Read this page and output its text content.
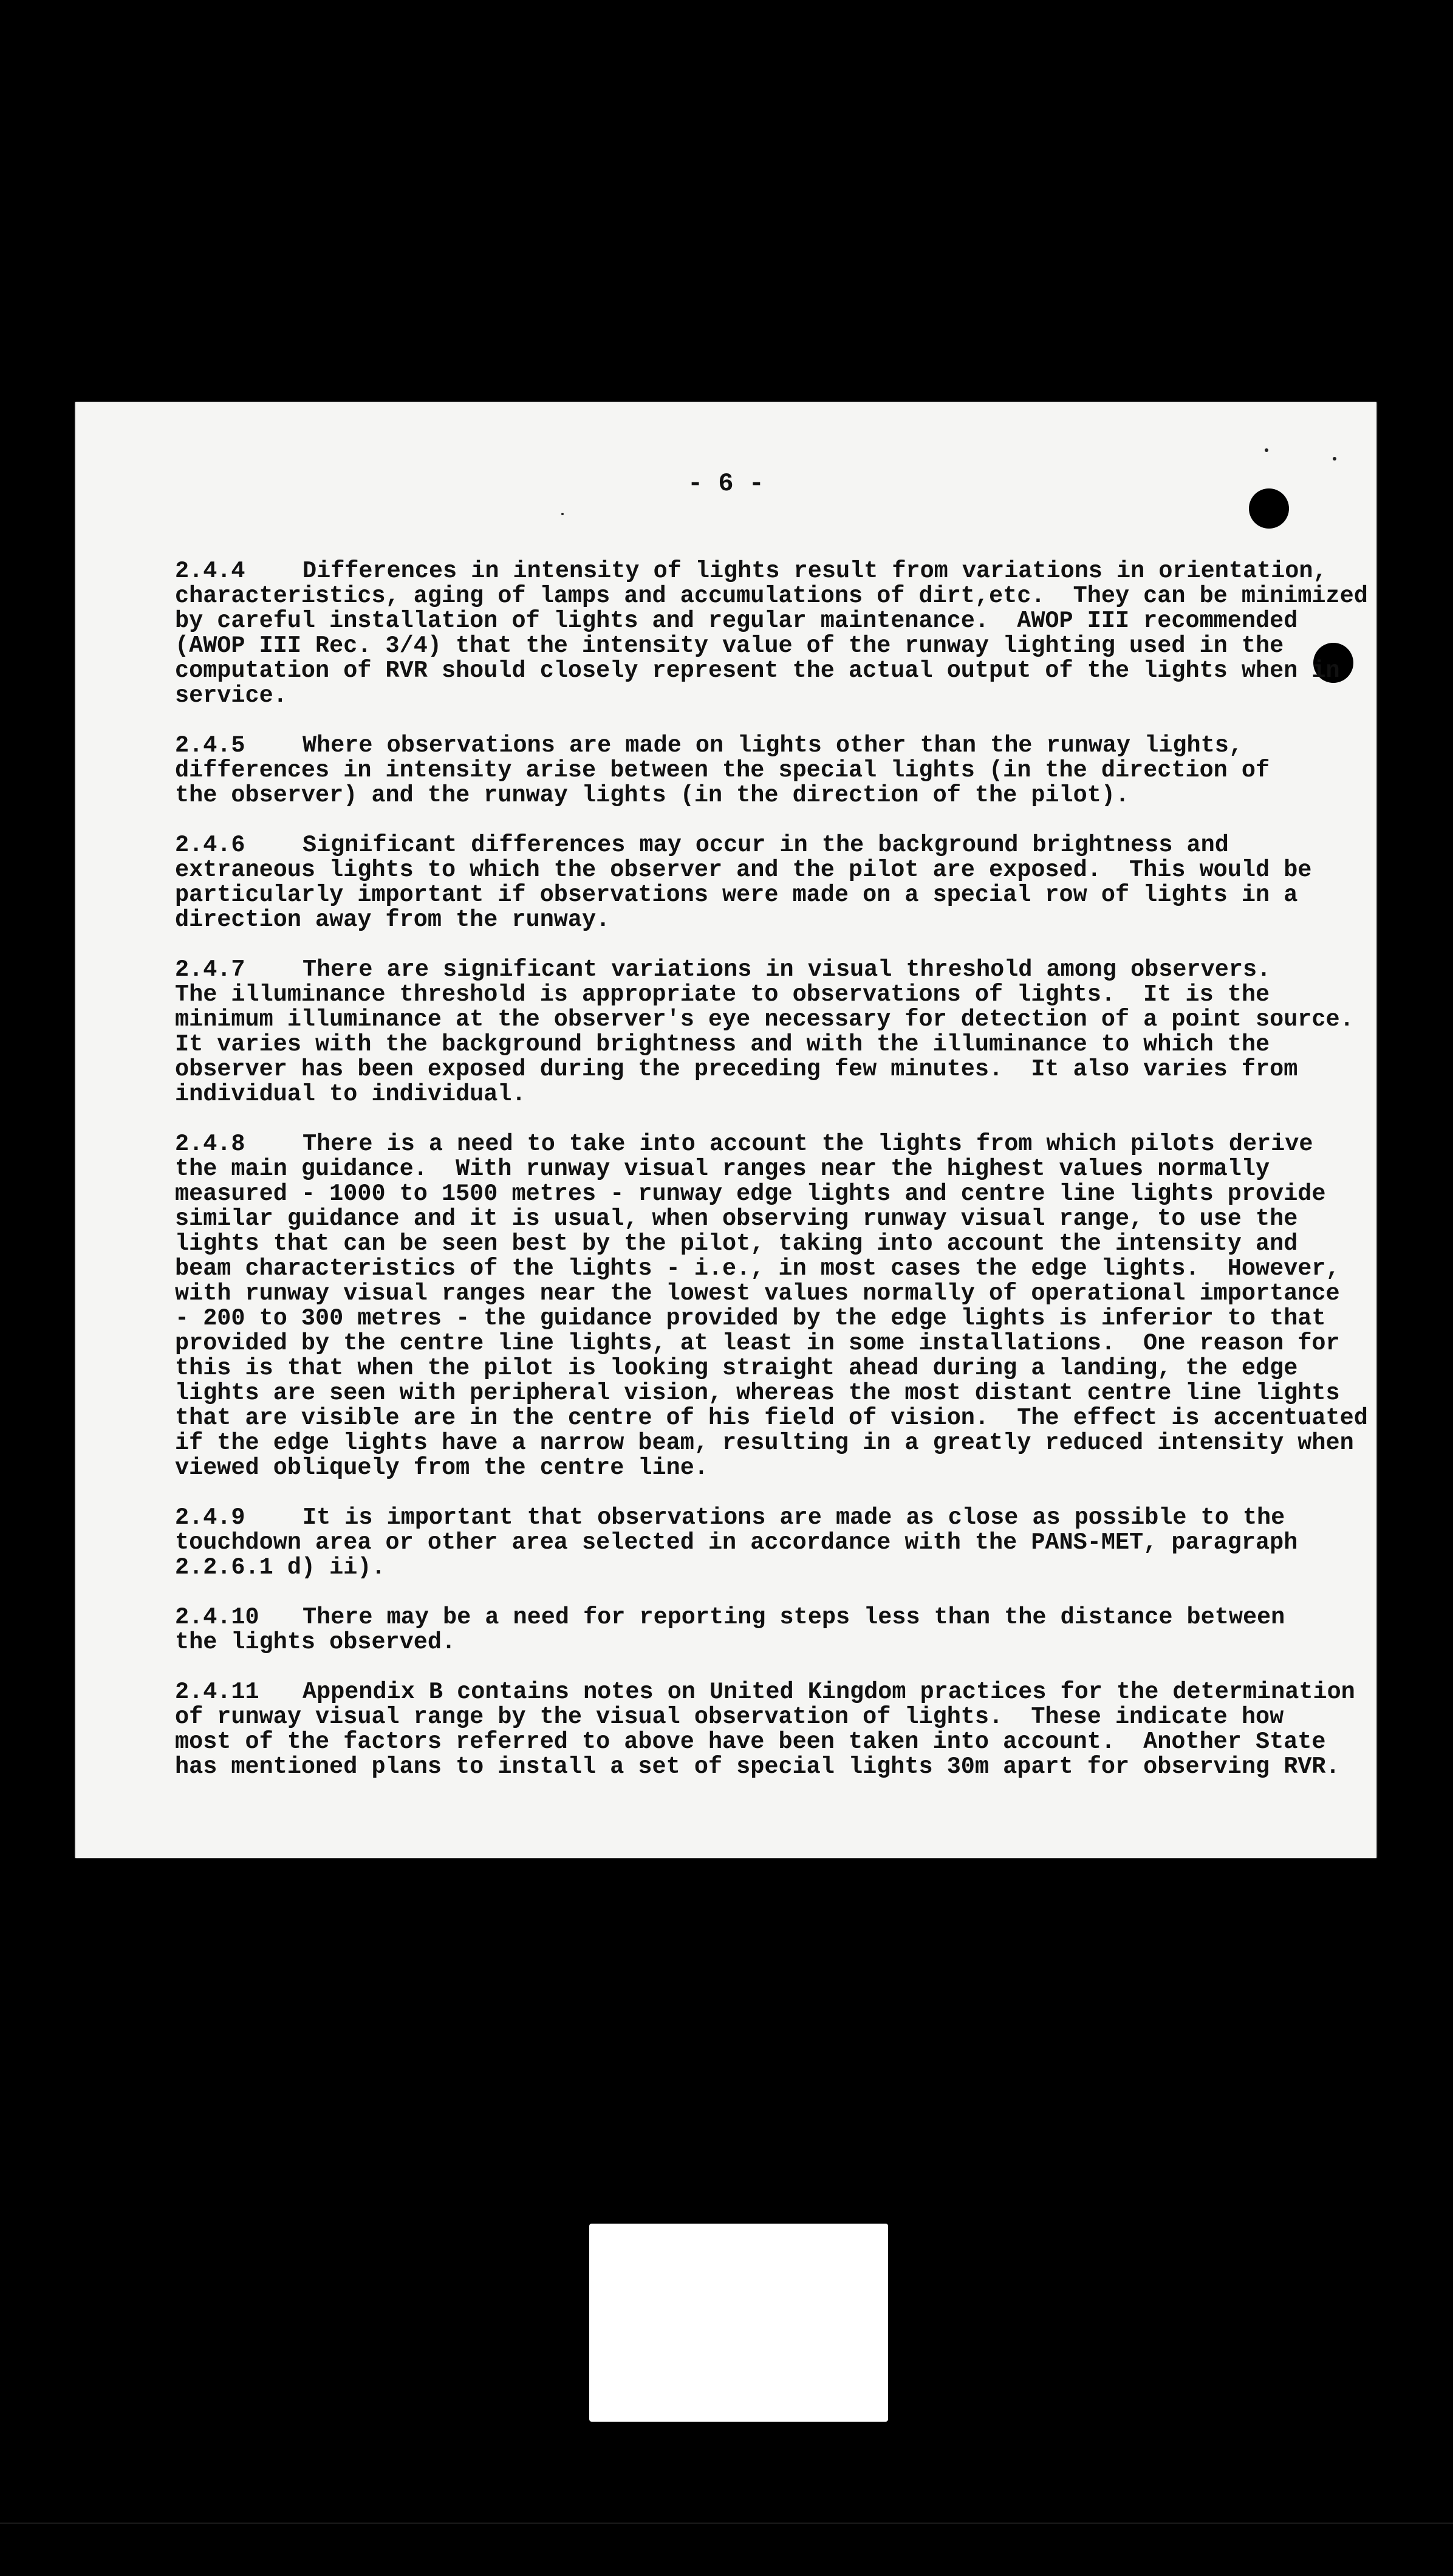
- 6 -
2.4.4 Differences in intensity of lights result from variations in orientation,
characteristics, aging of lamps and accumulations of dirt,etc.  They can be minimized
by careful installation of lights and regular maintenance.  AWOP III recommended
(AWOP III Rec. 3/4) that the intensity value of the runway lighting used in the
computation of RVR should closely represent the actual output of the lights when in
service.
2.4.5 Where observations are made on lights other than the runway lights,
differences in intensity arise between the special lights (in the direction of
the observer) and the runway lights (in the direction of the pilot).
2.4.6 Significant differences may occur in the background brightness and
extraneous lights to which the observer and the pilot are exposed.  This would be
particularly important if observations were made on a special row of lights in a
direction away from the runway.
2.4.7 There are significant variations in visual threshold among observers.
The illuminance threshold is appropriate to observations of lights.  It is the
minimum illuminance at the observer's eye necessary for detection of a point source.
It varies with the background brightness and with the illuminance to which the
observer has been exposed during the preceding few minutes.  It also varies from
individual to individual.
2.4.8 There is a need to take into account the lights from which pilots derive
the main guidance.  With runway visual ranges near the highest values normally
measured - 1000 to 1500 metres - runway edge lights and centre line lights provide
similar guidance and it is usual, when observing runway visual range, to use the
lights that can be seen best by the pilot, taking into account the intensity and
beam characteristics of the lights - i.e., in most cases the edge lights.  However,
with runway visual ranges near the lowest values normally of operational importance
- 200 to 300 metres - the guidance provided by the edge lights is inferior to that
provided by the centre line lights, at least in some installations.  One reason for
this is that when the pilot is looking straight ahead during a landing, the edge
lights are seen with peripheral vision, whereas the most distant centre line lights
that are visible are in the centre of his field of vision.  The effect is accentuated
if the edge lights have a narrow beam, resulting in a greatly reduced intensity when
viewed obliquely from the centre line.
2.4.9 It is important that observations are made as close as possible to the
touchdown area or other area selected in accordance with the PANS-MET, paragraph
2.2.6.1 d) ii).
2.4.10 There may be a need for reporting steps less than the distance between
the lights observed.
2.4.11 Appendix B contains notes on United Kingdom practices for the determination
of runway visual range by the visual observation of lights.  These indicate how
most of the factors referred to above have been taken into account.  Another State
has mentioned plans to install a set of special lights 30m apart for observing RVR.
